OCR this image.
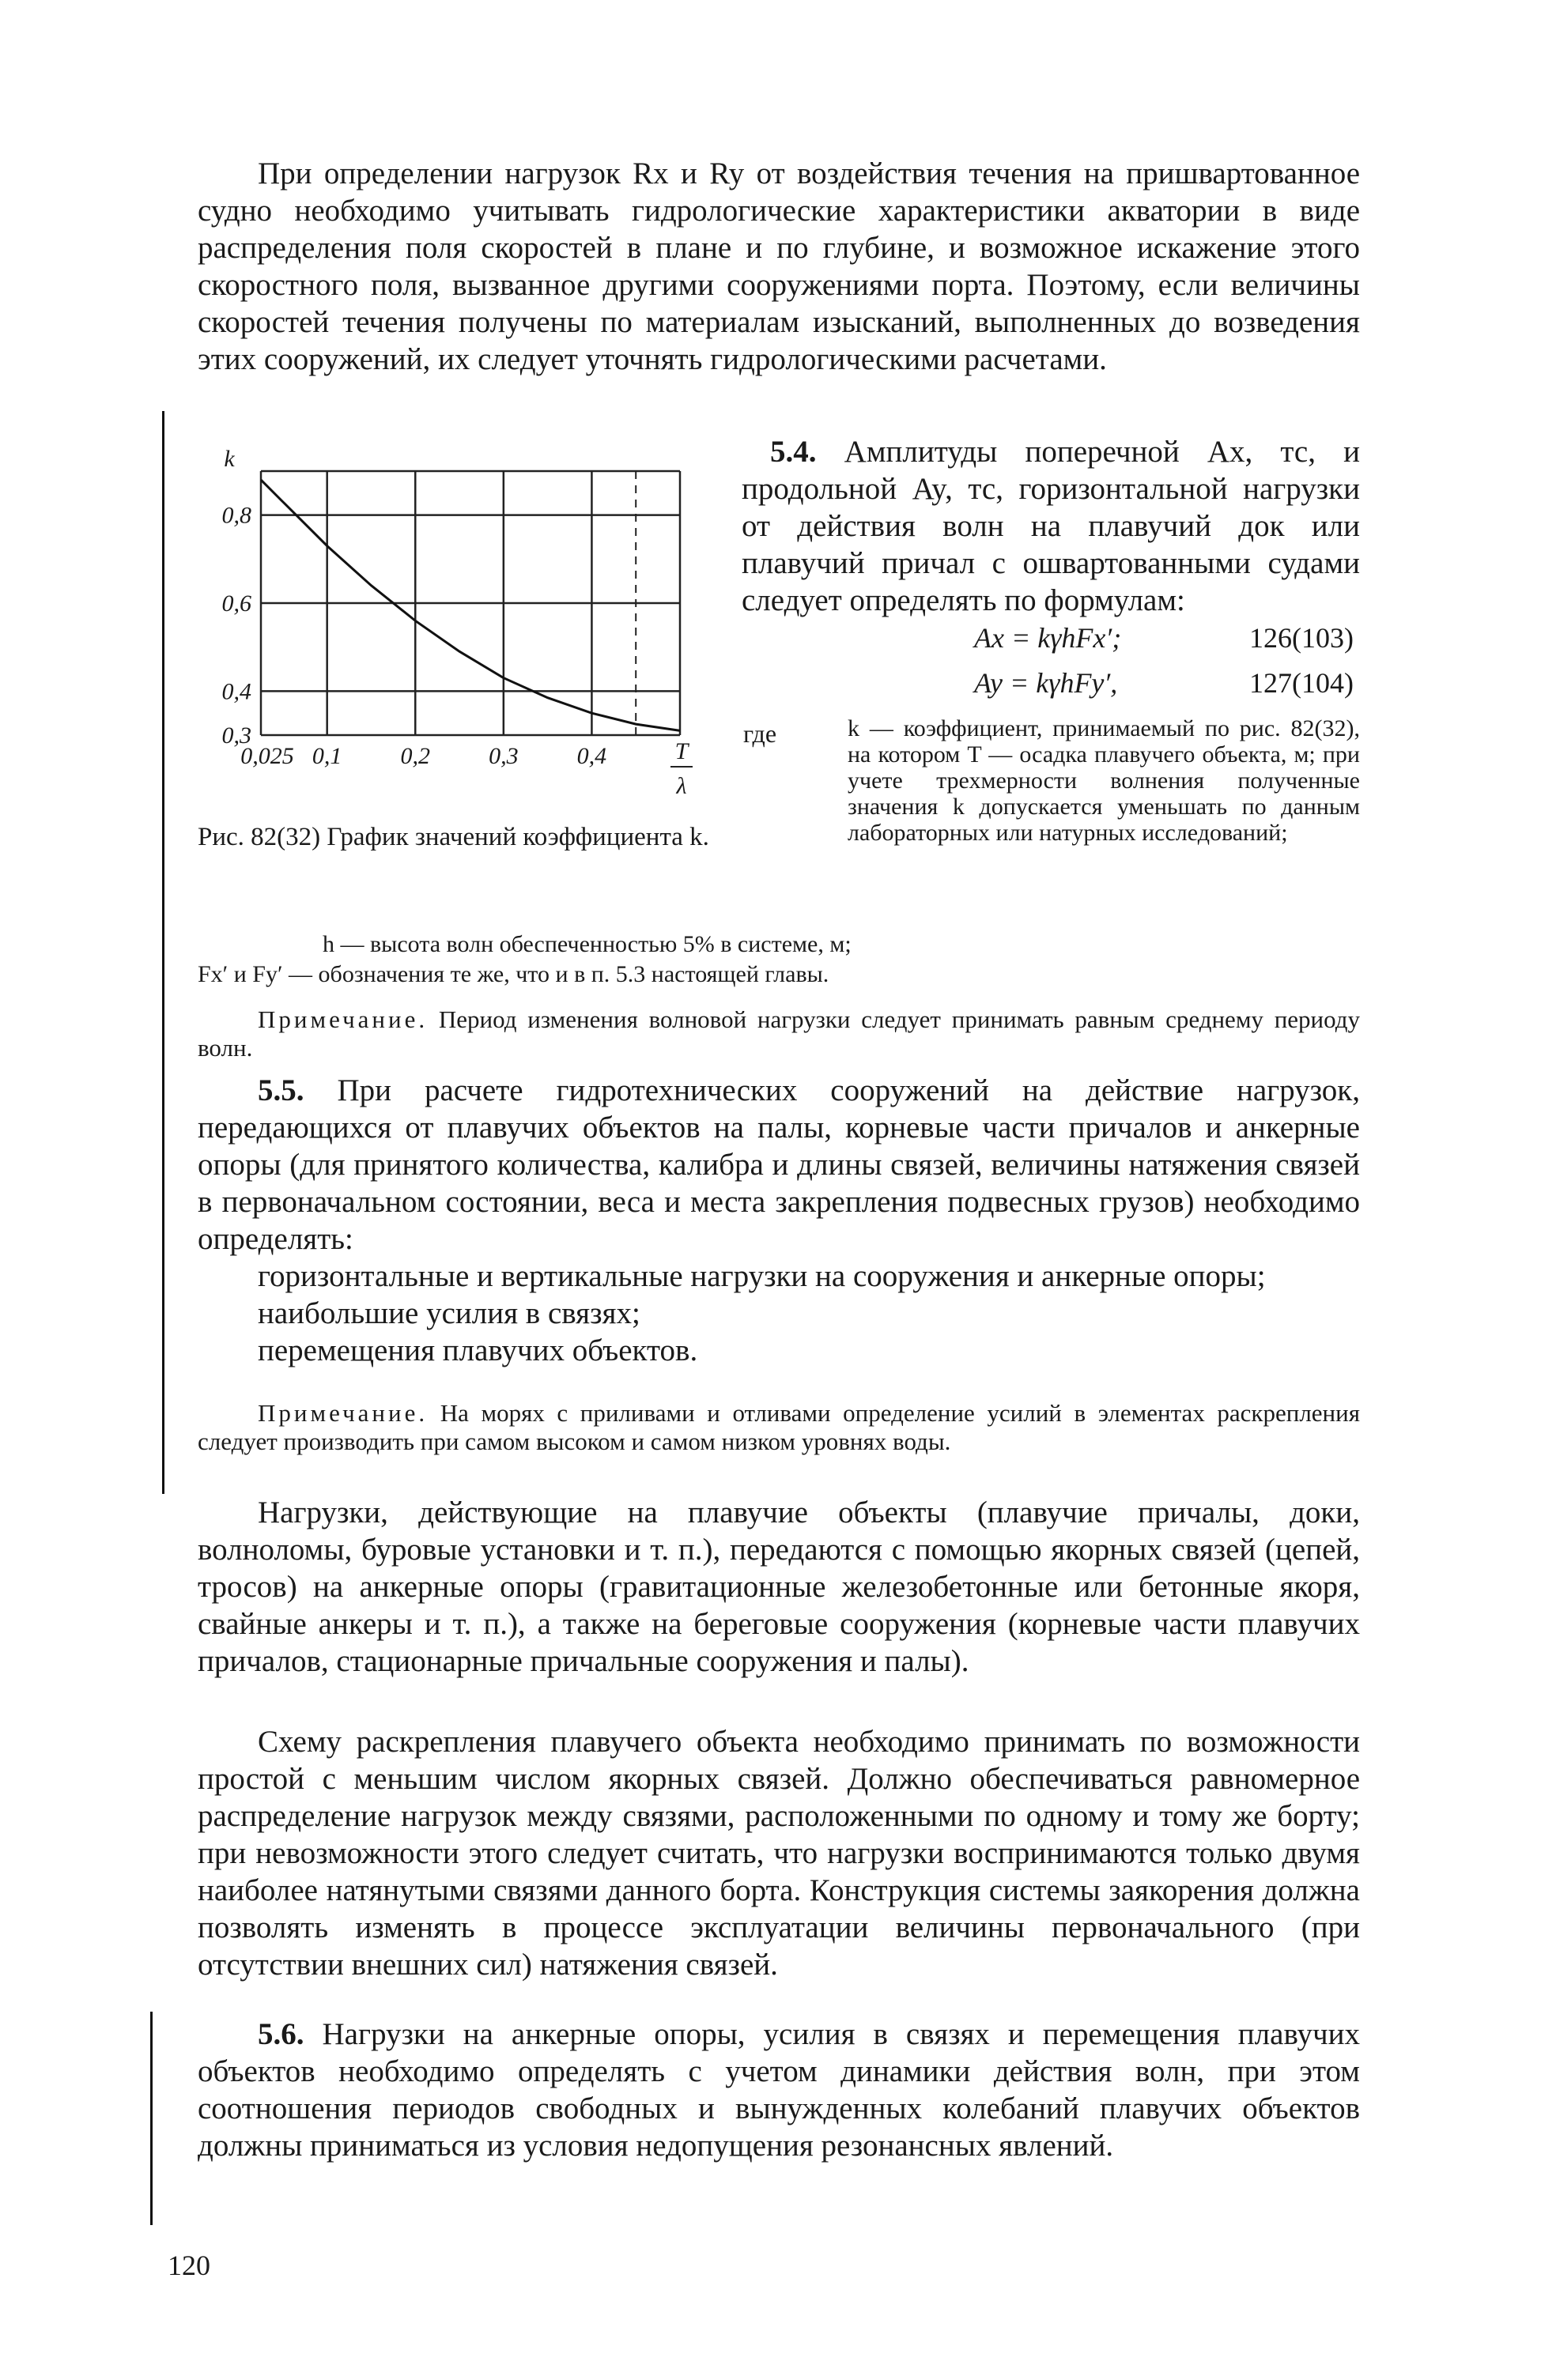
При определении нагрузок Rx и Ry от воздействия течения на пришвартованное судно необходимо учитывать гидрологические характеристики акватории в виде распределения поля скоростей в плане и по глубине, и возможное искажение этого скоростного поля, вызванное другими сооружениями порта. Поэтому, если величины скоростей течения получены по материалам изысканий, выполненных до возведения этих сооружений, их следует уточнять гидрологическими расчетами.

5.4. Амплитуды поперечной Ax, тс, и продольной Ay, тс, горизонтальной нагрузки от действия волн на плавучий док или плавучий причал с ошвартованными судами следует определять по формулам:

Ax = kγhFx′;	126(103)
Ay = kγhFy′,	127(104)
где	k — коэффициент, принимаемый по рис. 82(32), на котором T — осадка плавучего объекта, м; при учете трехмерности волнения полученные значения k допускается уменьшать по данным лабораторных или натурных исследований;

h — высота волн обеспеченностью 5% в системе, м;
Fx′ и Fy′ — обозначения те же, что и в п. 5.3 настоящей главы.
0,3
0,4
0,6
0,8
0,025 0,1 0,2 0,3 0,4
k
T
λ
Рис. 82(32) График значений коэффициента k.

Примечание. Период изменения волновой нагрузки следует принимать равным среднему периоду волн.

5.5. При расчете гидротехнических сооружений на действие нагрузок, передающихся от плавучих объектов на палы, корневые части причалов и анкерные опоры (для принятого количества, калибра и длины связей, величины натяжения связей в первоначальном состоянии, веса и места закрепления подвесных грузов) необходимо определять:

горизонтальные и вертикальные нагрузки на сооружения и анкерные опоры;

наибольшие усилия в связях;

перемещения плавучих объектов.

Примечание. На морях с приливами и отливами определение усилий в элементах раскрепления следует производить при самом высоком и самом низком уровнях воды.

Нагрузки, действующие на плавучие объекты (плавучие причалы, доки, волноломы, буровые установки и т. п.), передаются с помощью якорных связей (цепей, тросов) на анкерные опоры (гравитационные железобетонные или бетонные якоря, свайные анкеры и т. п.), а также на береговые сооружения (корневые части плавучих причалов, стационарные причальные сооружения и палы).

Схему раскрепления плавучего объекта необходимо принимать по возможности простой с меньшим числом якорных связей. Должно обеспечиваться равномерное распределение нагрузок между связями, расположенными по одному и тому же борту; при невозможности этого следует считать, что нагрузки воспринимаются только двумя наиболее натянутыми связями данного борта. Конструкция системы заякорения должна позволять изменять в процессе эксплуатации величины первоначального (при отсутствии внешних сил) натяжения связей.

5.6. Нагрузки на анкерные опоры, усилия в связях и перемещения плавучих объектов необходимо определять с учетом динамики действия волн, при этом соотношения периодов свободных и вынужденных колебаний плавучих объектов должны приниматься из условия недопущения резонансных явлений.

120
